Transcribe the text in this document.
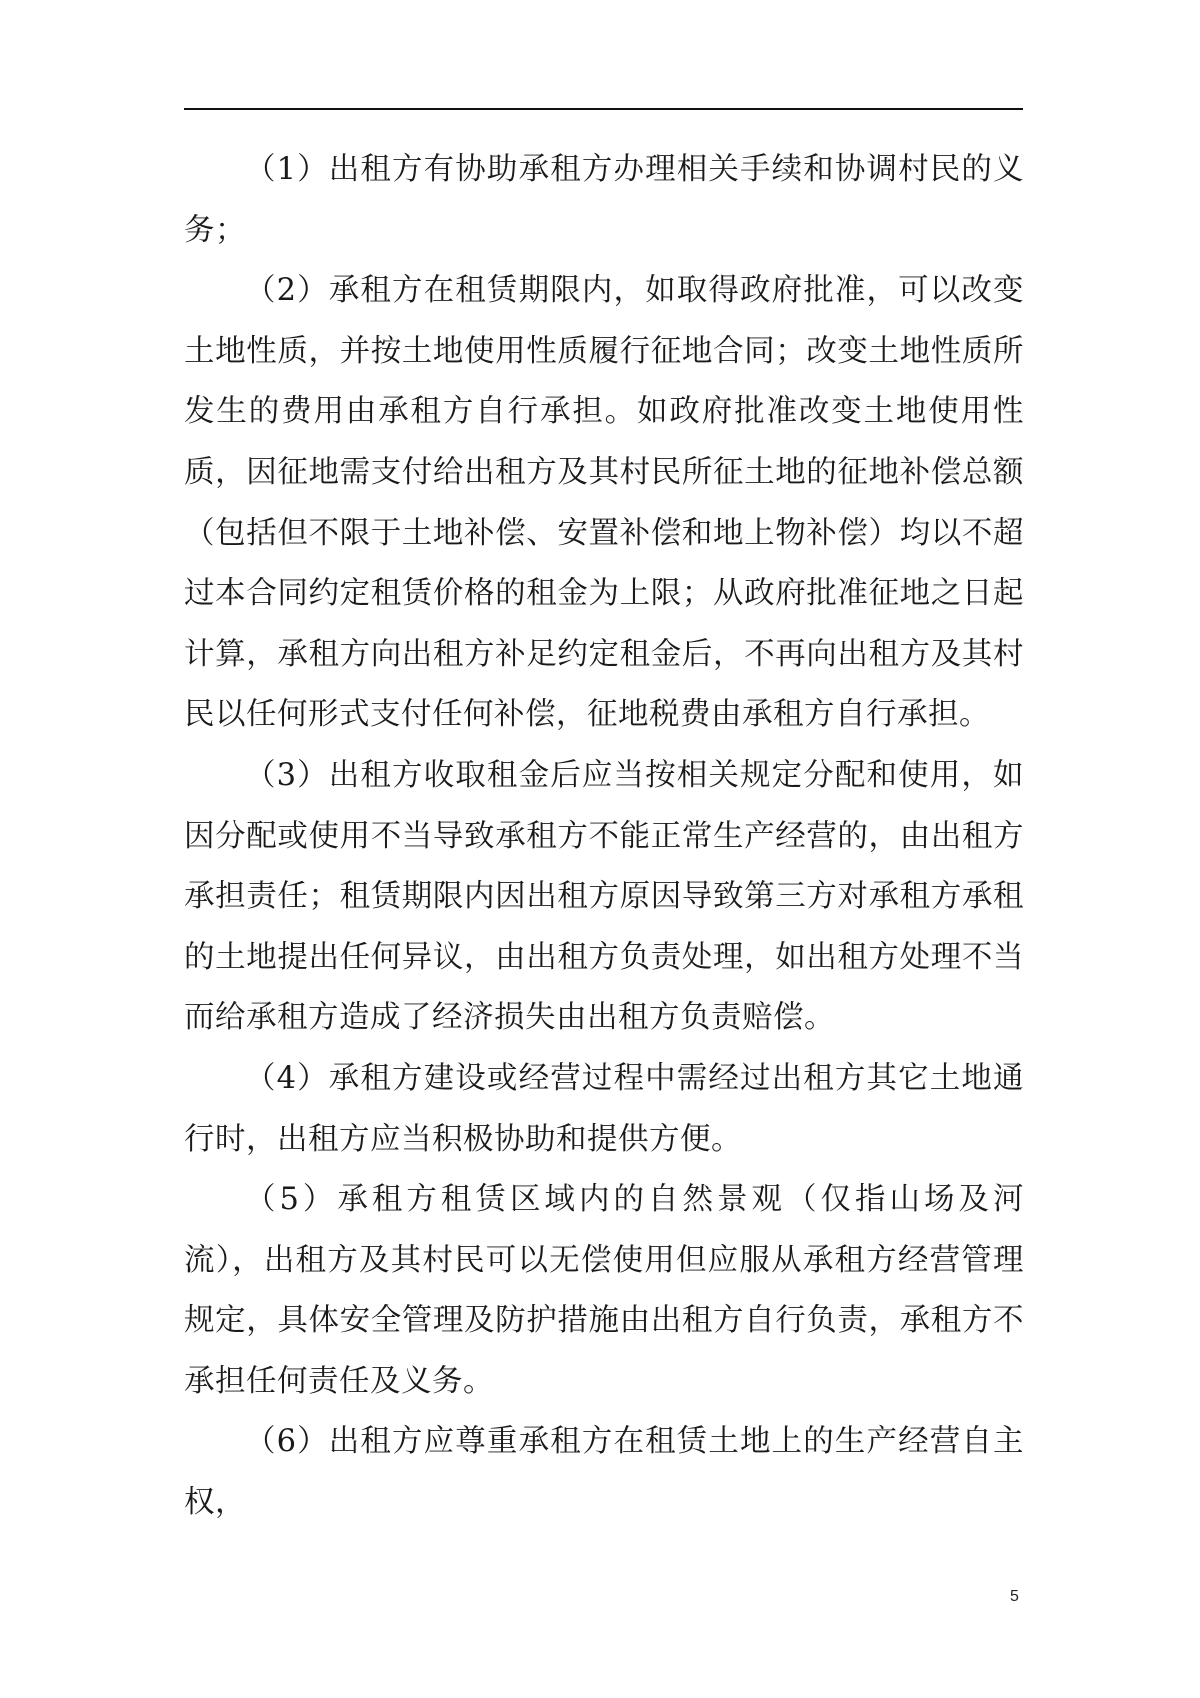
（1）出租方有协助承租方办理相关手续和协调村民的义务；

（2）承租方在租赁期限内，如取得政府批准，可以改变土地性质，并按土地使用性质履行征地合同；改变土地性质所发生的费用由承租方自行承担。如政府批准改变土地使用性质，因征地需支付给出租方及其村民所征土地的征地补偿总额（包括但不限于土地补偿、安置补偿和地上物补偿）均以不超过本合同约定租赁价格的租金为上限；从政府批准征地之日起计算，承租方向出租方补足约定租金后，不再向出租方及其村民以任何形式支付任何补偿，征地税费由承租方自行承担。

（3）出租方收取租金后应当按相关规定分配和使用，如因分配或使用不当导致承租方不能正常生产经营的，由出租方承担责任；租赁期限内因出租方原因导致第三方对承租方承租的土地提出任何异议，由出租方负责处理，如出租方处理不当而给承租方造成了经济损失由出租方负责赔偿。

（4）承租方建设或经营过程中需经过出租方其它土地通行时，出租方应当积极协助和提供方便。

（5）承租方租赁区域内的自然景观（仅指山场及河流），出租方及其村民可以无偿使用但应服从承租方经营管理规定，具体安全管理及防护措施由出租方自行负责，承租方不承担任何责任及义务。

（6）出租方应尊重承租方在租赁土地上的生产经营自主权，

5
